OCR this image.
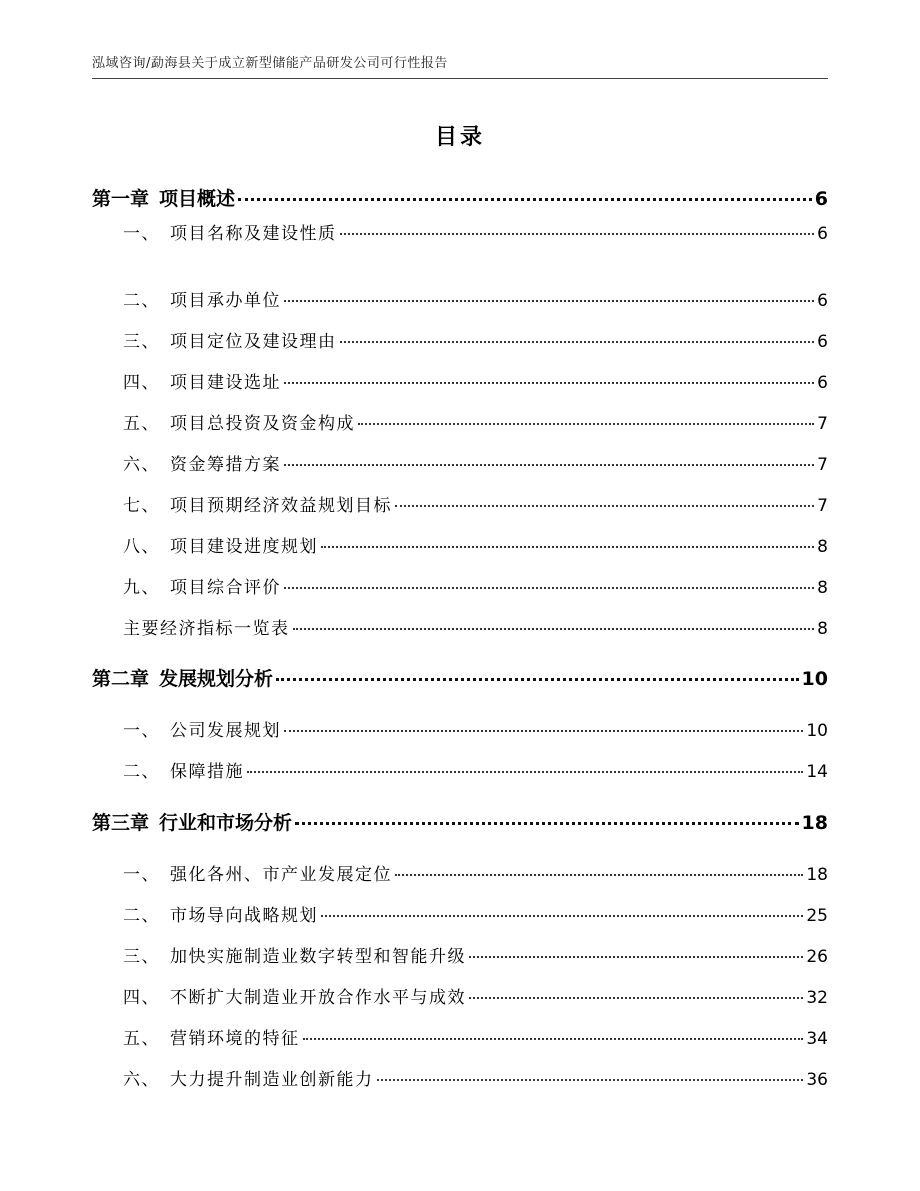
泓域咨询/勐海县关于成立新型储能产品研发公司可行性报告
目录
第一章 项目概述	6
一、 项目名称及建设性质	6
二、 项目承办单位	6
三、 项目定位及建设理由	6
四、 项目建设选址	6
五、 项目总投资及资金构成	7
六、 资金筹措方案	7
七、 项目预期经济效益规划目标	7
八、 项目建设进度规划	8
九、 项目综合评价	8
主要经济指标一览表	8
第二章 发展规划分析	10
一、 公司发展规划	10
二、 保障措施	14
第三章 行业和市场分析	18
一、 强化各州、市产业发展定位	18
二、 市场导向战略规划	25
三、 加快实施制造业数字转型和智能升级	26
四、 不断扩大制造业开放合作水平与成效	32
五、 营销环境的特征	34
六、 大力提升制造业创新能力	36
